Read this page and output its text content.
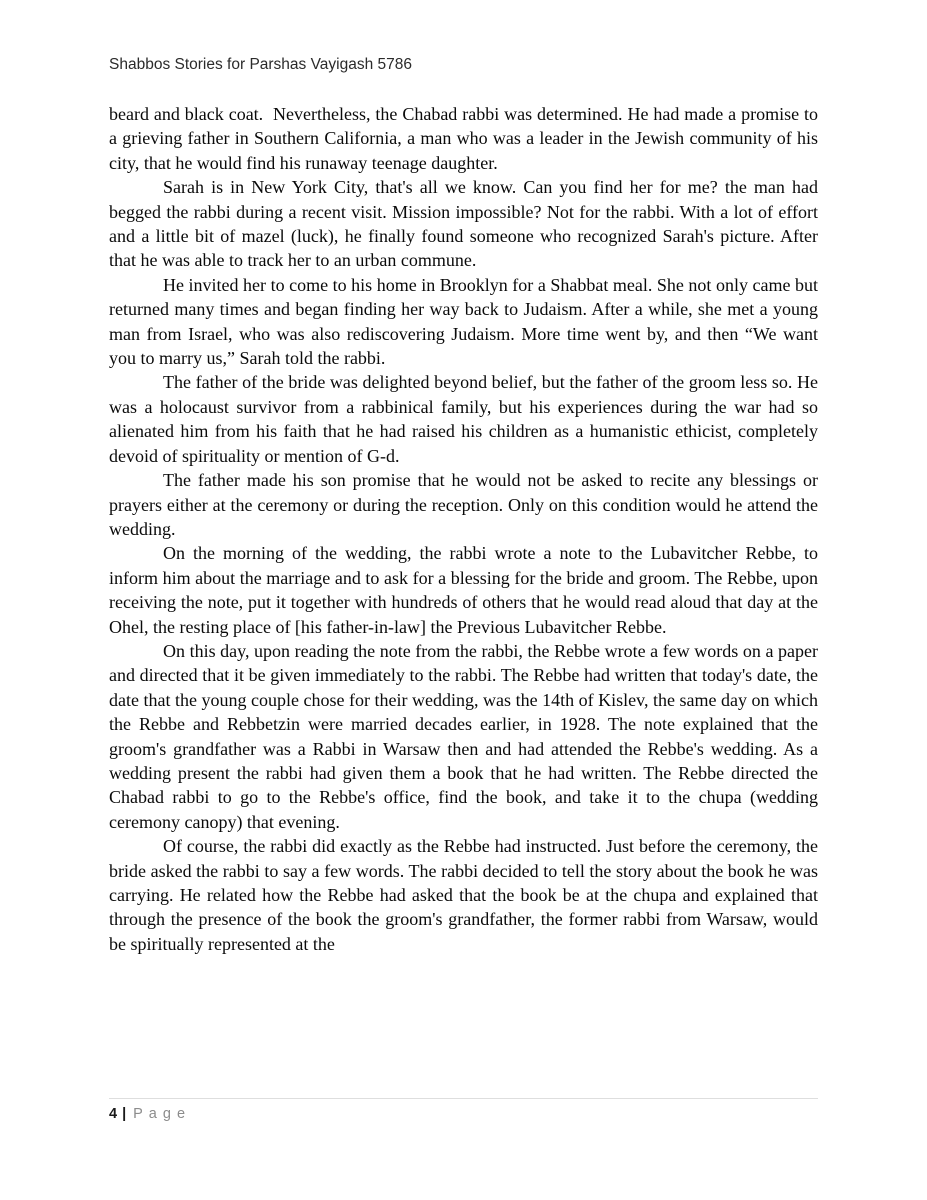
Shabbos Stories for Parshas Vayigash 5786

beard and black coat.  Nevertheless, the Chabad rabbi was determined. He had made a promise to a grieving father in Southern California, a man who was a leader in the Jewish community of his city, that he would find his runaway teenage daughter.

Sarah is in New York City, that's all we know. Can you find her for me? the man had begged the rabbi during a recent visit. Mission impossible? Not for the rabbi. With a lot of effort and a little bit of mazel (luck), he finally found someone who recognized Sarah's picture. After that he was able to track her to an urban commune.

He invited her to come to his home in Brooklyn for a Shabbat meal. She not only came but returned many times and began finding her way back to Judaism. After a while, she met a young man from Israel, who was also rediscovering Judaism. More time went by, and then “We want you to marry us,” Sarah told the rabbi.

The father of the bride was delighted beyond belief, but the father of the groom less so. He was a holocaust survivor from a rabbinical family, but his experiences during the war had so alienated him from his faith that he had raised his children as a humanistic ethicist, completely devoid of spirituality or mention of G-d.

The father made his son promise that he would not be asked to recite any blessings or prayers either at the ceremony or during the reception. Only on this condition would he attend the wedding.

On the morning of the wedding, the rabbi wrote a note to the Lubavitcher Rebbe, to inform him about the marriage and to ask for a blessing for the bride and groom. The Rebbe, upon receiving the note, put it together with hundreds of others that he would read aloud that day at the Ohel, the resting place of [his father-in-law] the Previous Lubavitcher Rebbe.

On this day, upon reading the note from the rabbi, the Rebbe wrote a few words on a paper and directed that it be given immediately to the rabbi. The Rebbe had written that today's date, the date that the young couple chose for their wedding, was the 14th of Kislev, the same day on which the Rebbe and Rebbetzin were married decades earlier, in 1928. The note explained that the groom's grandfather was a Rabbi in Warsaw then and had attended the Rebbe's wedding. As a wedding present the rabbi had given them a book that he had written. The Rebbe directed the Chabad rabbi to go to the Rebbe's office, find the book, and take it to the chupa (wedding ceremony canopy) that evening.

Of course, the rabbi did exactly as the Rebbe had instructed. Just before the ceremony, the bride asked the rabbi to say a few words. The rabbi decided to tell the story about the book he was carrying. He related how the Rebbe had asked that the book be at the chupa and explained that through the presence of the book the groom's grandfather, the former rabbi from Warsaw, would be spiritually represented at the

4 | Page
